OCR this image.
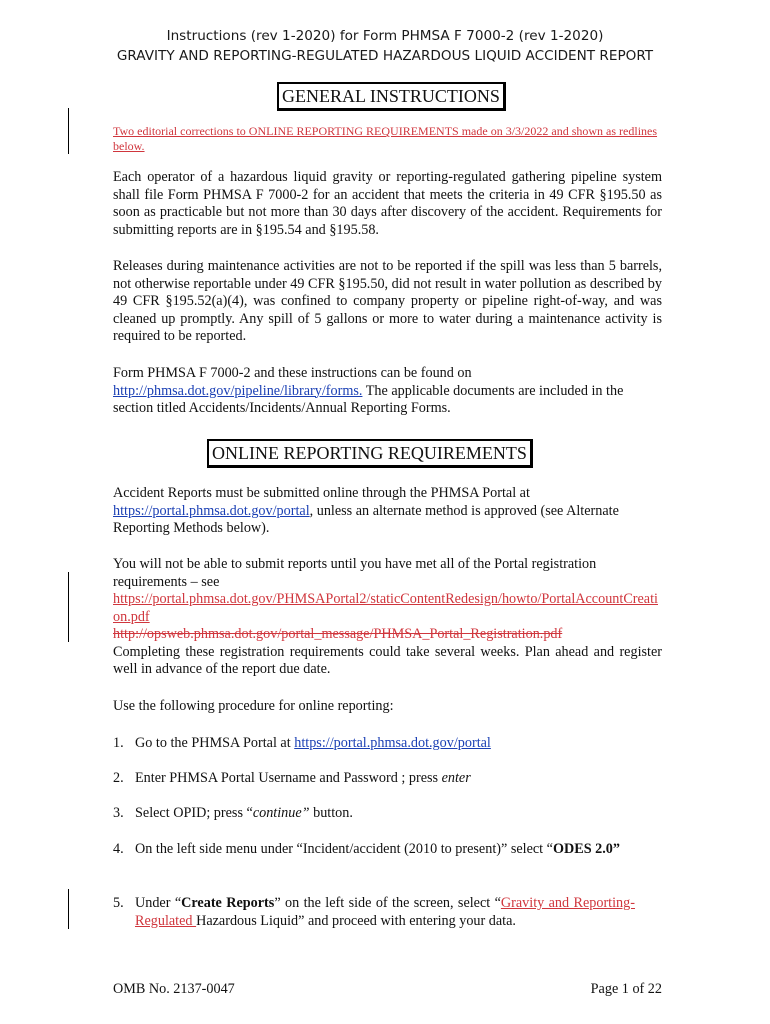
Instructions (rev 1-2020) for Form PHMSA F 7000-2 (rev 1-2020)
GRAVITY AND REPORTING-REGULATED HAZARDOUS LIQUID ACCIDENT REPORT
GENERAL INSTRUCTIONS

Two editorial corrections to ONLINE REPORTING REQUIREMENTS made on 3/3/2022 and shown as redlines below.

Each operator of a hazardous liquid gravity or reporting-regulated gathering pipeline system shall file Form PHMSA F 7000-2 for an accident that meets the criteria in 49 CFR §195.50 as soon as practicable but not more than 30 days after discovery of the accident. Requirements for submitting reports are in §195.54 and §195.58.

Releases during maintenance activities are not to be reported if the spill was less than 5 barrels, not otherwise reportable under 49 CFR §195.50, did not result in water pollution as described by 49 CFR §195.52(a)(4), was confined to company property or pipeline right-of-way, and was cleaned up promptly. Any spill of 5 gallons or more to water during a maintenance activity is required to be reported.

Form PHMSA F 7000-2 and these instructions can be found on
http://phmsa.dot.gov/pipeline/library/forms. The applicable documents are included in the section titled Accidents/Incidents/Annual Reporting Forms.

ONLINE REPORTING REQUIREMENTS

Accident Reports must be submitted online through the PHMSA Portal at
https://portal.phmsa.dot.gov/portal, unless an alternate method is approved (see Alternate Reporting Methods below).

You will not be able to submit reports until you have met all of the Portal registration requirements – see
https://portal.phmsa.dot.gov/PHMSAPortal2/staticContentRedesign/howto/PortalAccountCreation.pdf
http://opsweb.phmsa.dot.gov/portal_message/PHMSA_Portal_Registration.pdf
Completing these registration requirements could take several weeks. Plan ahead and register well in advance of the report due date.

Use the following procedure for online reporting:

1. Go to the PHMSA Portal at https://portal.phmsa.dot.gov/portal
2. Enter PHMSA Portal Username and Password ; press enter
3. Select OPID; press “continue” button.
4. On the left side menu under “Incident/accident (2010 to present)” select “ODES 2.0”
5. Under “Create Reports” on the left side of the screen, select “Gravity and Reporting-Regulated Hazardous Liquid” and proceed with entering your data.
OMB No. 2137-0047	Page 1 of 22
